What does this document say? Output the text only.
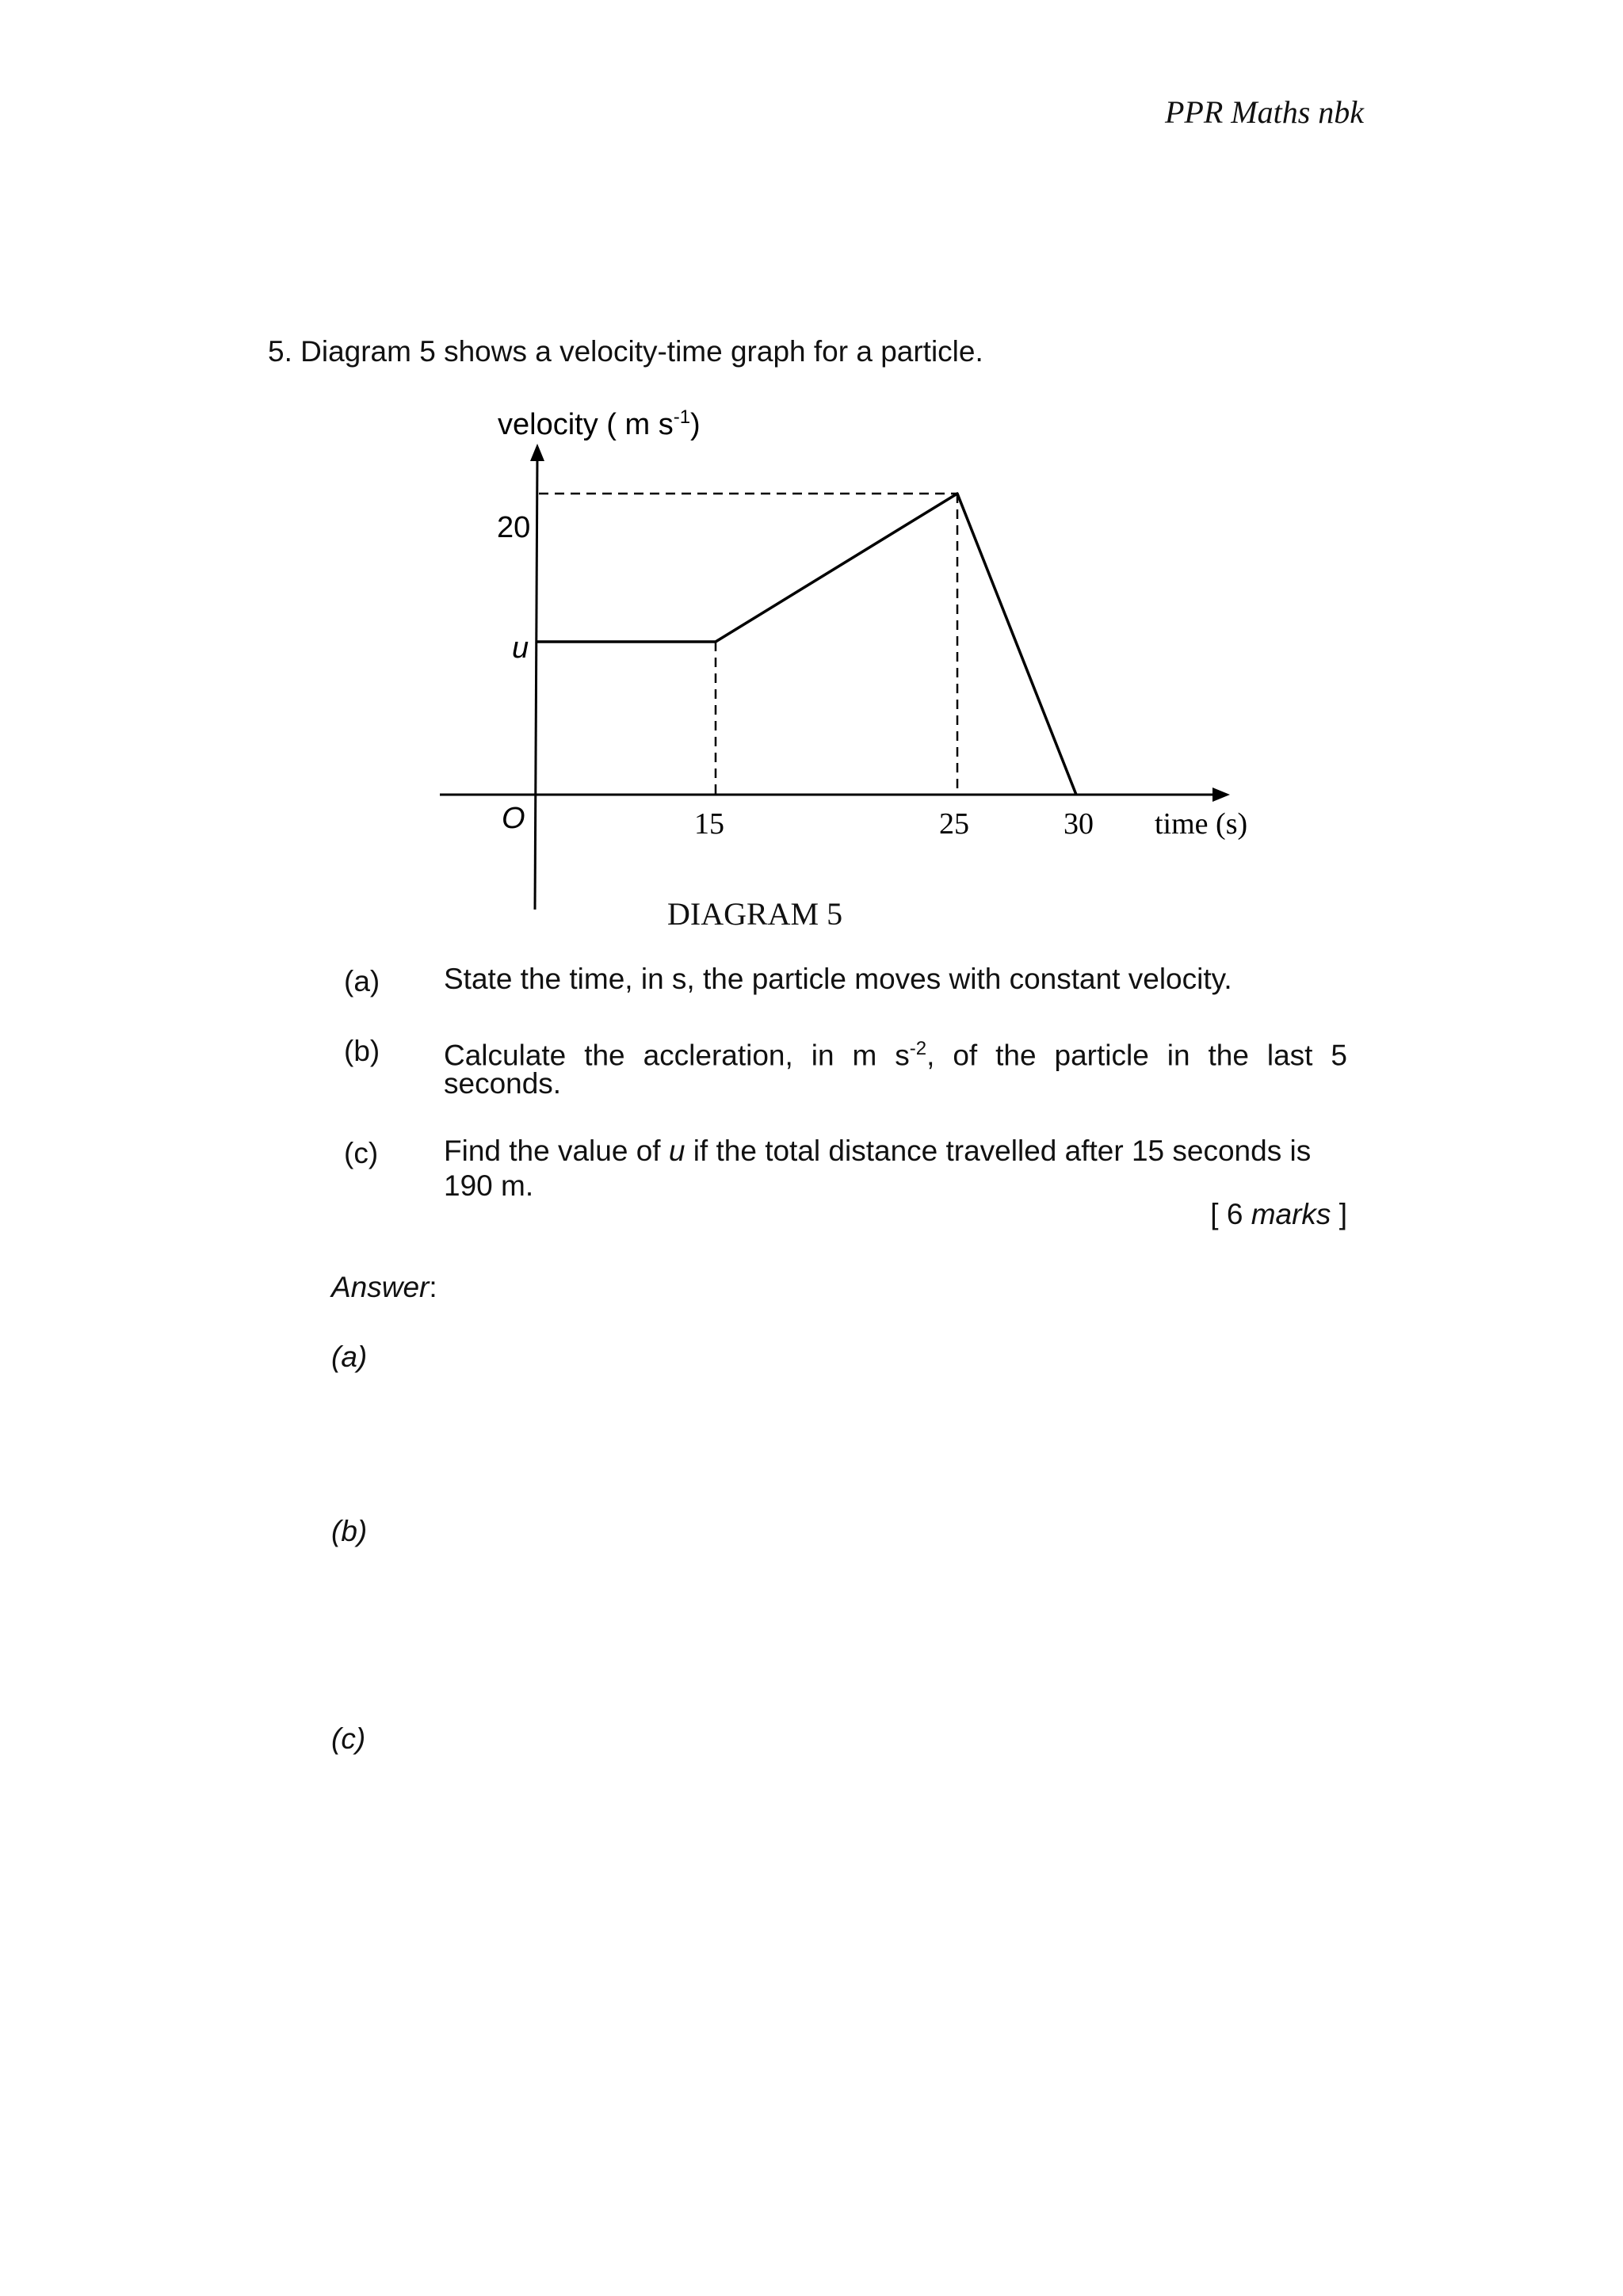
PPR Maths nbk
5. Diagram 5 shows a velocity-time graph for a particle.
velocity ( m $s^{-1}$)
20
u
O	15	25	30 time (s)
DIAGRAM 5
(a) State the time, in s, the particle moves with constant velocity.
(b) Calculate the accleration, in m $s^{-2}$, of the particle in the last 5
seconds.
(c) Find the value of u if the total distance travelled after 15 seconds is
190 m.
[ 6 marks ]
Answer:
(a)
(b)
(c)
